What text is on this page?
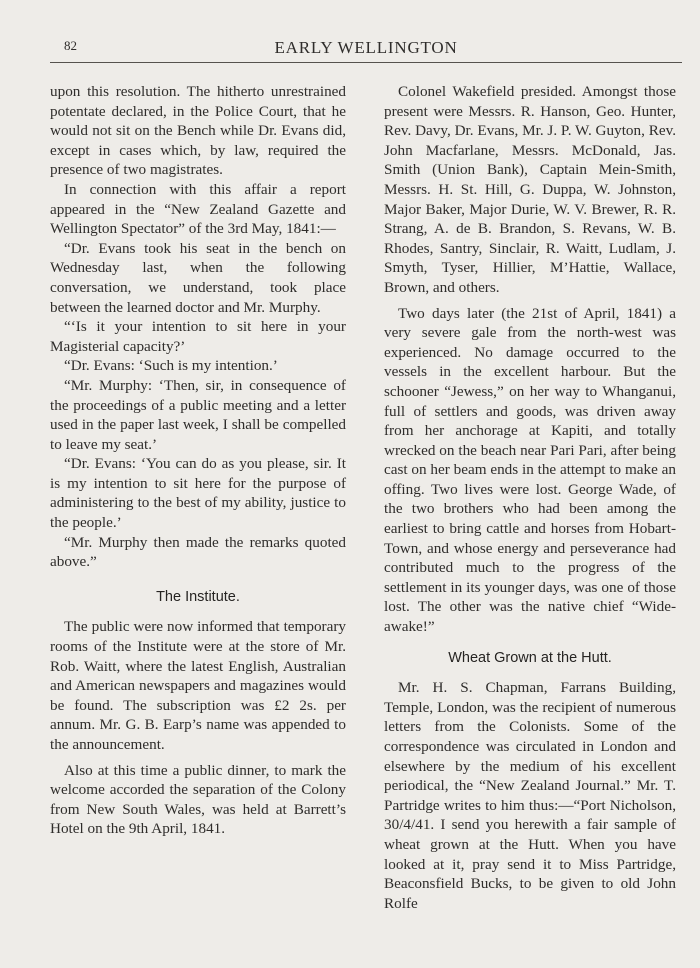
82	EARLY WELLINGTON

upon this resolution. The hitherto unrestrained potentate declared, in the Police Court, that he would not sit on the Bench while Dr. Evans did, except in cases which, by law, required the presence of two magistrates.

In connection with this affair a report appeared in the “New Zealand Gazette and Wellington Spectator” of the 3rd May, 1841:—

“Dr. Evans took his seat in the bench on Wednesday last, when the following conversation, we understand, took place between the learned doctor and Mr. Murphy.

“‘Is it your intention to sit here in your Magisterial capacity?’

“Dr. Evans: ‘Such is my intention.’

“Mr. Murphy: ‘Then, sir, in consequence of the proceedings of a public meeting and a letter used in the paper last week, I shall be compelled to leave my seat.’

“Dr. Evans: ‘You can do as you please, sir. It is my intention to sit here for the purpose of administering to the best of my ability, justice to the people.’

“Mr. Murphy then made the remarks quoted above.”

The Institute.

The public were now informed that temporary rooms of the Institute were at the store of Mr. Rob. Waitt, where the latest English, Australian and American newspapers and magazines would be found. The subscription was £2 2s. per annum. Mr. G. B. Earp’s name was appended to the announcement.

Also at this time a public dinner, to mark the welcome accorded the separation of the Colony from New South Wales, was held at Barrett’s Hotel on the 9th April, 1841.

Colonel Wakefield presided. Amongst those present were Messrs. R. Hanson, Geo. Hunter, Rev. Davy, Dr. Evans, Mr. J. P. W. Guyton, Rev. John Macfarlane, Messrs. McDonald, Jas. Smith (Union Bank), Captain Mein-Smith, Messrs. H. St. Hill, G. Duppa, W. Johnston, Major Baker, Major Durie, W. V. Brewer, R. R. Strang, A. de B. Brandon, S. Revans, W. B. Rhodes, Santry, Sinclair, R. Waitt, Ludlam, J. Smyth, Tyser, Hillier, M’Hattie, Wallace, Brown, and others.

Two days later (the 21st of April, 1841) a very severe gale from the north-west was experienced. No damage occurred to the vessels in the excellent harbour. But the schooner “Jewess,” on her way to Whanganui, full of settlers and goods, was driven away from her anchorage at Kapiti, and totally wrecked on the beach near Pari Pari, after being cast on her beam ends in the attempt to make an offing. Two lives were lost. George Wade, of the two brothers who had been among the earliest to bring cattle and horses from Hobart-Town, and whose energy and perseverance had contributed much to the progress of the settlement in its younger days, was one of those lost. The other was the native chief “Wide-awake!”

Wheat Grown at the Hutt.

Mr. H. S. Chapman, Farrans Building, Temple, London, was the recipient of numerous letters from the Colonists. Some of the correspondence was circulated in London and elsewhere by the medium of his excellent periodical, the “New Zealand Journal.” Mr. T. Partridge writes to him thus:—“Port Nicholson, 30/4/41. I send you herewith a fair sample of wheat grown at the Hutt. When you have looked at it, pray send it to Miss Partridge, Beaconsfield Bucks, to be given to old John Rolfe
